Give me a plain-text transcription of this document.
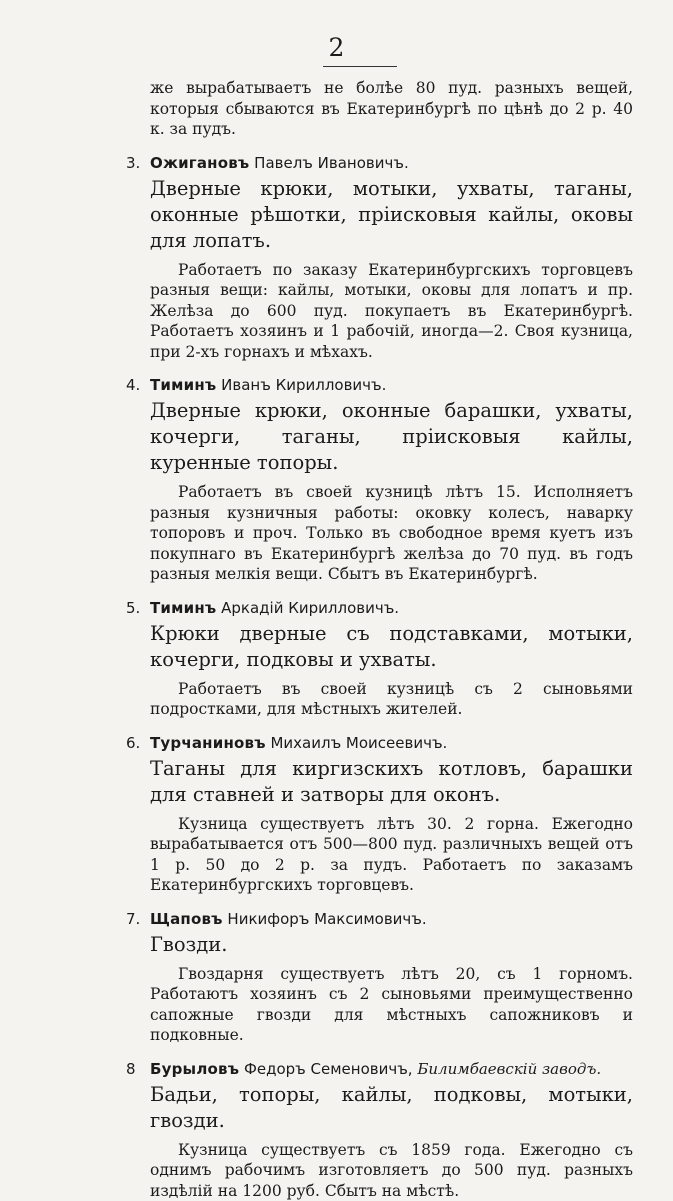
2

же вырабатываетъ не болѣе 80 пуд. разныхъ вещей, которыя сбываются въ Екатеринбургѣ по цѣнѣ до 2 р. 40 к. за пудъ.

3. Ожигановъ Павелъ Ивановичъ.

Дверные крюки, мотыки, ухваты, таганы, оконные рѣшотки, прiисковыя кайлы, оковы для лопатъ.

Работаетъ по заказу Екатеринбургскихъ торговцевъ разныя вещи: кайлы, мотыки, оковы для лопатъ и пр. Желѣза до 600 пуд. покупаетъ въ Екатеринбургѣ. Работаетъ хозяинъ и 1 рабочiй, иногда—2. Своя кузница, при 2-хъ горнахъ и мѣхахъ.

4. Тиминъ Иванъ Кирилловичъ.

Дверные крюки, оконные барашки, ухваты, кочерги, таганы, прiисковыя кайлы, куренные топоры.

Работаетъ въ своей кузницѣ лѣтъ 15. Исполняетъ разныя кузничныя работы: оковку колесъ, наварку топоровъ и проч. Только въ свободное время куетъ изъ покупнаго въ Екатеринбургѣ желѣза до 70 пуд. въ годъ разныя мелкiя вещи. Сбытъ въ Екатеринбургѣ.

5. Тиминъ Аркадiй Кирилловичъ.

Крюки дверные съ подставками, мотыки, кочерги, подковы и ухваты.

Работаетъ въ своей кузницѣ съ 2 сыновьями подростками, для мѣстныхъ жителей.

6. Турчаниновъ Михаилъ Моисеевичъ.

Таганы для киргизскихъ котловъ, барашки для ставней и затворы для оконъ.

Кузница существуетъ лѣтъ 30. 2 горна. Ежегодно вырабатывается отъ 500—800 пуд. различныхъ вещей отъ 1 р. 50 до 2 р. за пудъ. Работаетъ по заказамъ Екатеринбургскихъ торговцевъ.

7. Щаповъ Никифоръ Максимовичъ.

Гвозди.

Гвоздарня существуетъ лѣтъ 20, съ 1 горномъ. Работаютъ хозяинъ съ 2 сыновьями преимущественно сапожные гвозди для мѣстныхъ сапожниковъ и подковные.

8 Бурыловъ Федоръ Семеновичъ, Билимбаевскiй заводъ.

Бадьи, топоры, кайлы, подковы, мотыки, гвозди.

Кузница существуетъ съ 1859 года. Ежегодно съ однимъ рабочимъ изготовляетъ до 500 пуд. разныхъ издѣлiй на 1200 руб. Сбытъ на мѣстѣ.
